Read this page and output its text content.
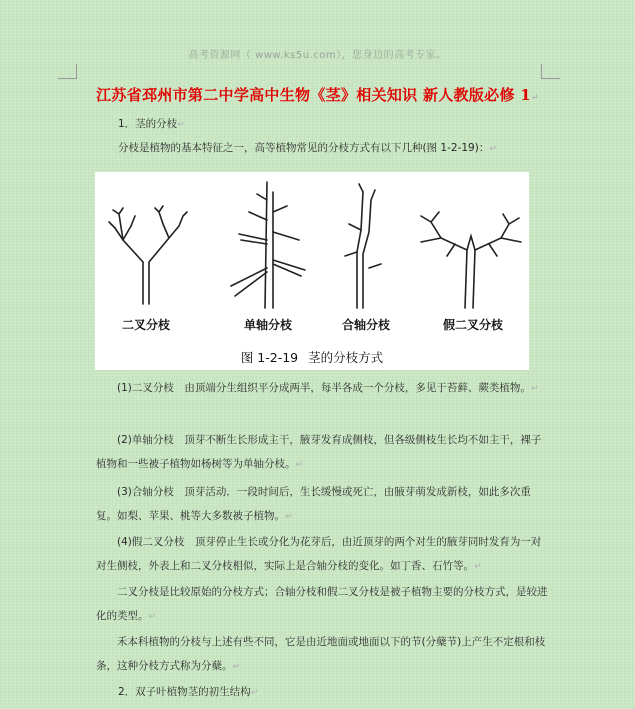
高考资源网（ www.ks5u.com），您身边的高考专家。
江苏省邳州市第二中学高中生物《茎》相关知识 新人教版必修 1↵

1．茎的分枝↵

分枝是植物的基本特征之一，高等植物常见的分枝方式有以下几种(图 1-2-19)：↵

二叉分枝	单轴分枝	合轴分枝	假二叉分枝
图 1-2-19 茎的分枝方式

(1)二叉分枝　由顶端分生组织平分成两半，每半各成一个分枝，多见于苔藓、蕨类植物。↵

(2)单轴分枝　顶芽不断生长形成主干，腋芽发育成侧枝，但各级侧枝生长均不如主干，裸子植物和一些被子植物如杨树等为单轴分枝。↵

(3)合轴分枝　顶芽活动．一段时间后，生长缓慢或死亡，由腋芽萌发成新枝，如此多次重复。如梨、苹果、桃等大多数被子植物。↵

(4)假二叉分枝　顶芽停止生长或分化为花芽后，由近顶芽的两个对生的腋芽同时发育为一对对生侧枝，外表上和二叉分枝相似，实际上是合轴分枝的变化。如丁香、石竹等。↵

二叉分枝是比较原始的分枝方式；合轴分枝和假二叉分枝是被子植物主要的分枝方式，是较进化的类型。↵

禾本科植物的分枝与上述有些不同，它是由近地面或地面以下的节(分蘖节)上产生不定根和枝条，这种分枝方式称为分蘖。↵

2．双子叶植物茎的初生结构↵
